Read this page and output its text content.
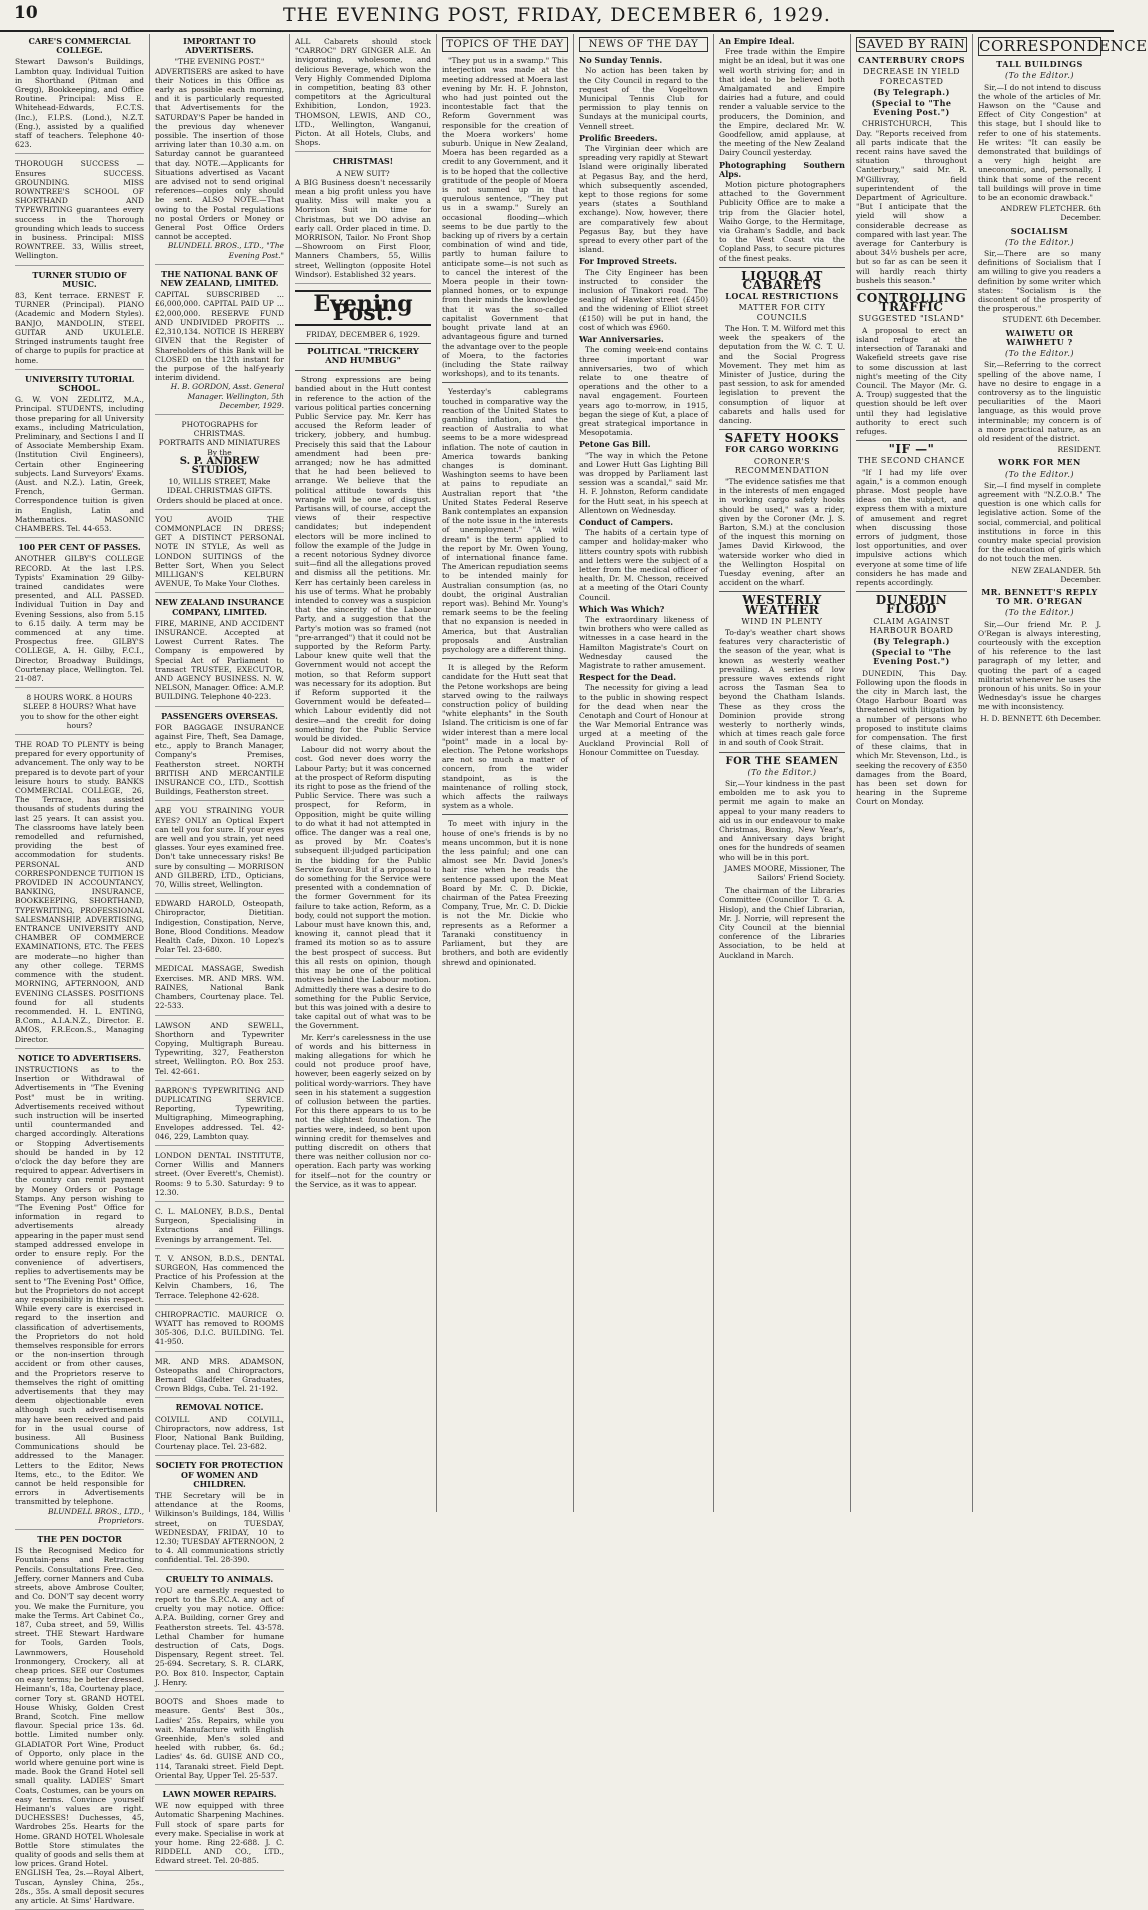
10	THE EVENING POST, FRIDAY, DECEMBER 6, 1929.
CARE'S COMMERCIAL COLLEGE.
Stewart Dawson's Buildings, Lambton quay. Individual Tuition in Shorthand (Pitman and Gregg), Bookkeeping, and Office Routine. Principal: Miss E. Whitehead-Edwards, F.C.T.S. (Inc.), F.I.P.S. (Lond.), N.Z.T. (Eng.), assisted by a qualified staff of teachers. Telephone 40-623.
THOROUGH SUCCESS — Ensures SUCCESS. GROUNDING. MISS ROWNTREE'S SCHOOL OF SHORTHAND AND TYPEWRITING guarantees every success in the Thorough grounding which leads to success in business. Principal: MISS ROWNTREE. 33, Willis street, Wellington.
TURNER STUDIO OF MUSIC.
83, Kent terrace. ERNEST F. TURNER (Principal). PIANO (Academic and Modern Styles). BANJO, MANDOLIN, STEEL GUITAR AND UKULELE. Stringed instruments taught free of charge to pupils for practice at home.
UNIVERSITY TUTORIAL SCHOOL.
G. W. VON ZEDLITZ, M.A., Principal. STUDENTS, including those preparing for all University exams., including Matriculation, Preliminary, and Sections I and II of Associate Membership Exam. (Institution Civil Engineers), Certain other Engineering subjects. Land Surveyors' Exams. (Aust. and N.Z.). Latin, Greek, French, German. Correspondence tuition is given in English, Latin and Mathematics. MASONIC CHAMBERS. Tel. 44-653.
100 PER CENT OF PASSES.
ANOTHER GILBY'S COLLEGE RECORD. At the last I.P.S. Typists' Examination 29 Gilby-trained candidates were presented, and ALL PASSED. Individual Tuition in Day and Evening Sessions, also from 5.15 to 6.15 daily. A term may be commenced at any time. Prospectus free. GILBY'S COLLEGE, A. H. Gilby, F.C.I., Director, Broadway Buildings, Courtenay place, Wellington. Tel. 21-087.
8 HOURS WORK. 8 HOURS SLEEP. 8 HOURS? What have you to show for the other eight hours?
THE ROAD TO PLENTY is being prepared for every opportunity of advancement. The only way to be prepared is to devote part of your leisure hours to study. BANKS COMMERCIAL COLLEGE, 26, The Terrace, has assisted thousands of students during the last 25 years. It can assist you. The classrooms have lately been remodelled and refurnished, providing the best of accommodation for students. PERSONAL AND CORRESPONDENCE TUITION IS PROVIDED IN ACCOUNTANCY, BANKING, INSURANCE, BOOKKEEPING, SHORTHAND, TYPEWRITING, PROFESSIONAL SALESMANSHIP, ADVERTISING, ENTRANCE UNIVERSITY AND CHAMBER OF COMMERCE EXAMINATIONS, ETC. The FEES are moderate—no higher than any other college. TERMS commence with the student. MORNING, AFTERNOON, AND EVENING CLASSES. POSITIONS found for all students recommended. H. L. ENTING, B.Com., A.I.A.N.Z., Director. E. AMOS, F.R.Econ.S., Managing Director.
NOTICE TO ADVERTISERS.
INSTRUCTIONS as to the Insertion or Withdrawal of Advertisements in "The Evening Post" must be in writing. Advertisements received without such instruction will be inserted until countermanded and charged accordingly. Alterations or Stopping Advertisements should be handed in by 12 o'clock the day before they are required to appear. Advertisers in the country can remit payment by Money Orders or Postage Stamps. Any person wishing to "The Evening Post" Office for information in regard to advertisements already appearing in the paper must send stamped addressed envelope in order to ensure reply. For the convenience of advertisers, replies to advertisements may be sent to "The Evening Post" Office, but the Proprietors do not accept any responsibility in this respect. While every care is exercised in regard to the insertion and classification of advertisements, the Proprietors do not hold themselves responsible for errors or the non-insertion through accident or from other causes, and the Proprietors reserve to themselves the right of omitting advertisements that they may deem objectionable even although such advertisements may have been received and paid for in the usual course of business. All Business Communications should be addressed to the Manager. Letters to the Editor, News Items, etc., to the Editor. We cannot be held responsible for errors in Advertisements transmitted by telephone.
BLUNDELL BROS., LTD., Proprietors.
THE PEN DOCTOR
IS the Recognised Medico for Fountain-pens and Retracting Pencils. Consultations Free. Geo. Jeffery, corner Manners and Cuba streets, above Ambrose Coulter, and Co. DON'T say decent worry you. We make the Furniture, you make the Terms. Art Cabinet Co., 187, Cuba street, and 59, Willis street. THE Stewart Hardware for Tools, Garden Tools, Lawnmowers, Household Ironmongery, Crockery, all at cheap prices. SEE our Costumes on easy terms; be better dressed. Heimann's, 18a, Courtenay place, corner Tory st. GRAND HOTEL House Whisky, Golden Crest Brand, Scotch. Fine mellow flavour. Special price 13s. 6d. bottle. Limited number only. GLADIATOR Port Wine, Product of Opporto, only place in the world where genuine port wine is made. Book the Grand Hotel sell small quality. LADIES' Smart Coats, Costumes, can be yours on easy terms. Convince yourself Heimann's values are right. DUCHESSES! Duchesses, 45, Wardrobes 25s. Hearts for the Home. GRAND HOTEL Wholesale Bottle Store stimulates the quality of goods and sells them at low prices. Grand Hotel.
ENGLISH Tea, 2s.—Royal Albert, Tuscan, Aynsley China, 25s., 28s., 35s. A small deposit secures any article. At Sims' Hardware.
IMPORTANT TO ADVERTISERS.
"THE EVENING POST."
ADVERTISERS are asked to have their Notices in this Office as early as possible each morning, and it is particularly requested that Advertisements for the SATURDAY'S Paper be handed in the previous day whenever possible. The insertion of those arriving later than 10.30 a.m. on Saturday cannot be guaranteed that day. NOTE.—Applicants for Situations advertised as Vacant are advised not to send original references—copies only should be sent. ALSO NOTE.—That owing to the Postal regulations no postal Orders or Money or General Post Office Orders cannot be accepted.
BLUNDELL BROS., LTD., "The Evening Post."
THE NATIONAL BANK OF NEW ZEALAND, LIMITED.
CAPITAL SUBSCRIBED ... £6,000,000. CAPITAL PAID UP ... £2,000,000. RESERVE FUND AND UNDIVIDED PROFITS ... £2,310,134. NOTICE IS HEREBY GIVEN that the Register of Shareholders of this Bank will be CLOSED on the 12th instant for the purpose of the half-yearly interim dividend.
H. B. GORDON, Asst. General Manager. Wellington, 5th December, 1929.
PHOTOGRAPHS for CHRISTMAS.
PORTRAITS AND MINIATURES By the
S. P. ANDREW STUDIOS,
10, WILLIS STREET, Make IDEAL CHRISTMAS GIFTS. Orders should be placed at once.
YOU AVOID THE COMMONPLACE IN DRESS; GET A DISTINCT PERSONAL NOTE IN STYLE, As well as LONDON SUITINGS of the Better Sort, When you Select MILLIGAN'S KELBURN AVENUE, To Make Your Clothes.
NEW ZEALAND INSURANCE COMPANY, LIMITED.
FIRE, MARINE, AND ACCIDENT INSURANCE. Accepted at Lowest Current Rates. The Company is empowered by Special Act of Parliament to transact TRUSTEE, EXECUTOR, AND AGENCY BUSINESS. N. W. NELSON, Manager. Office: A.M.P. BUILDING. Telephone 40-223.
PASSENGERS OVERSEAS.
FOR BAGGAGE INSURANCE against Fire, Theft, Sea Damage, etc., apply to Branch Manager, Company's Premises, Featherston street. NORTH BRITISH AND MERCANTILE INSURANCE CO., LTD., Scottish Buildings, Featherston street.
ARE YOU STRAINING YOUR EYES? ONLY an Optical Expert can tell you for sure. If your eyes are well and you strain, yet need glasses. Your eyes examined free. Don't take unnecessary risks! Be sure by consulting — MORRISON AND GILBERD, LTD., Opticians, 70, Willis street, Wellington.
EDWARD HAROLD, Osteopath, Chiropractor, Dietitian. Indigestion, Constipation, Nerve, Bone, Blood Conditions. Meadow Health Cafe, Dixon. 10 Lopez's Polar Tel. 23-680.
MEDICAL MASSAGE, Swedish Exercises. MR. AND MRS. WM. RAINES, National Bank Chambers, Courtenay place. Tel. 22-533.
LAWSON AND SEWELL, Shorthorn and Typewriter Copying, Multigraph Bureau. Typewriting, 327, Featherston street, Wellington. P.O. Box 253. Tel. 42-661.
BARRON'S TYPEWRITING AND DUPLICATING SERVICE. Reporting, Typewriting, Multigraphing, Mimeographing, Envelopes addressed. Tel. 42-046, 229, Lambton quay.
LONDON DENTAL INSTITUTE, Corner Willis and Manners street. (Over Everett's, Chemist). Rooms: 9 to 5.30. Saturday: 9 to 12.30.
C. L. MALONEY, B.D.S., Dental Surgeon, Specialising in Extractions and Fillings. Evenings by arrangement. Tel.
T. V. ANSON, B.D.S., DENTAL SURGEON, Has commenced the Practice of his Profession at the Kelvin Chambers, 16, The Terrace. Telephone 42-628.
CHIROPRACTIC. MAURICE O. WYATT has removed to ROOMS 305-306, D.I.C. BUILDING. Tel. 41-950.
MR. AND MRS. ADAMSON, Osteopaths and Chiropractors, Bernard Gladfelter Graduates, Crown Bldgs, Cuba. Tel. 21-192.
REMOVAL NOTICE.
COLVILL AND COLVILL, Chiropractors, now address, 1st Floor, National Bank Building, Courtenay place. Tel. 23-682.
SOCIETY FOR PROTECTION OF WOMEN AND CHILDREN.
THE Secretary will be in attendance at the Rooms, Wilkinson's Buildings, 184, Willis street, on TUESDAY, WEDNESDAY, FRIDAY, 10 to 12.30; TUESDAY AFTERNOON, 2 to 4. All communications strictly confidential. Tel. 28-390.
CRUELTY TO ANIMALS.
YOU are earnestly requested to report to the S.P.C.A. any act of cruelty you may notice. Office: A.P.A. Building, corner Grey and Featherston streets. Tel. 43-578. Lethal Chamber for humane destruction of Cats, Dogs. Dispensary, Regent street. Tel. 25-694. Secretary, S. R. CLARK, P.O. Box 810. Inspector, Captain J. Henry.
BOOTS and Shoes made to measure. Gents' Best 30s., Ladies' 25s. Repairs, while you wait. Manufacture with English Greenhide, Men's soled and heeled with rubber, 6s. 6d.; Ladies' 4s. 6d. GUISE AND CO., 114, Taranaki street. Field Dept. Oriental Bay, Upper Tel. 25-537.
LAWN MOWER REPAIRS.
WE now equipped with three Automatic Sharpening Machines. Full stock of spare parts for every make. Specialise in work at your home. Ring 22-688. J. C. RIDDELL AND CO., LTD., Edward street. Tel. 20-885.
ALL Cabarets should stock "CARROC" DRY GINGER ALE. An invigorating, wholesome, and delicious Beverage, which won the Very Highly Commended Diploma in competition, beating 83 other competitors at the Agricultural Exhibition, London, 1923. THOMSON, LEWIS, AND CO., LTD., Wellington, Wanganui, Picton. At all Hotels, Clubs, and Shops.
CHRISTMAS!
A NEW SUIT?
A BIG Business doesn't necessarily mean a big profit unless you have quality. Miss will make you a Morrison Suit in time for Christmas, but we DO advise an early call. Order placed in time. D. MORRISON, Tailor. No Front Shop—Showroom on First Floor, Manners Chambers, 55, Willis street, Wellington (opposite Hotel Windsor). Established 32 years.
Evening Post.
FRIDAY, DECEMBER 6, 1929.
POLITICAL "TRICKERY AND HUMBUG"

Strong expressions are being bandied about in the Hutt contest in reference to the action of the various political parties concerning Public Service pay. Mr. Kerr has accused the Reform leader of trickery, jobbery, and humbug. Precisely this said that the Labour amendment had been pre-arranged; now he has admitted that he had been believed to arrange. We believe that the political attitude towards this wrangle will be one of disgust. Partisans will, of course, accept the views of their respective candidates; but independent electors will be more inclined to follow the example of the Judge in a recent notorious Sydney divorce suit—find all the allegations proved and dismiss all the petitions. Mr. Kerr has certainly been careless in his use of terms. What he probably intended to convey was a suspicion that the sincerity of the Labour Party, and a suggestion that the Party's motion was so framed (not "pre-arranged") that it could not be supported by the Reform Party. Labour knew quite well that the Government would not accept the motion, so that Reform support was necessary for its adoption. But if Reform supported it the Government would be defeated—which Labour evidently did not desire—and the credit for doing something for the Public Service would be divided.

Labour did not worry about the cost. God never does worry the Labour Party; but it was concerned at the prospect of Reform disputing its right to pose as the friend of the Public Service. There was such a prospect, for Reform, in Opposition, might be quite willing to do what it had not attempted in office. The danger was a real one, as proved by Mr. Coates's subsequent ill-judged participation in the bidding for the Public Service favour. But if a proposal to do something for the Service were presented with a condemnation of the former Government for its failure to take action, Reform, as a body, could not support the motion. Labour must have known this, and, knowing it, cannot plead that it framed its motion so as to assure the best prospect of success. But this all rests on opinion, though this may be one of the political motives behind the Labour motion. Admittedly there was a desire to do something for the Public Service, but this was joined with a desire to take capital out of what was to be the Government.

Mr. Kerr's carelessness in the use of words and his bitterness in making allegations for which he could not produce proof have, however, been eagerly seized on by political wordy-warriors. They have seen in his statement a suggestion of collusion between the parties. For this there appears to us to be not the slightest foundation. The parties were, indeed, so bent upon winning credit for themselves and putting discredit on others that there was neither collusion nor co-operation. Each party was working for itself—not for the country or the Service, as it was to appear.

TOPICS OF THE DAY

"They put us in a swamp." This interjection was made at the meeting addressed at Moera last evening by Mr. H. F. Johnston, who had just pointed out the incontestable fact that the Reform Government was responsible for the creation of the Moera workers' home suburb. Unique in New Zealand, Moera has been regarded as a credit to any Government, and it is to be hoped that the collective gratitude of the people of Moera is not summed up in that querulous sentence, "They put us in a swamp." Surely an occasional flooding—which seems to be due partly to the backing up of rivers by a certain combination of wind and tide, partly to human failure to anticipate some—is not such as to cancel the interest of the Moera people in their town-planned homes, or to expunge from their minds the knowledge that it was the so-called capitalist Government that bought private land at an advantageous figure and turned the advantage over to the people of Moera, to the factories (including the State railway workshops), and to its tenants.

Yesterday's cablegrams touched in comparative way the reaction of the United States to gambling inflation, and the reaction of Australia to what seems to be a more widespread inflation. The note of caution in America towards banking changes is dominant. Washington seems to have been at pains to repudiate an Australian report that "the United States Federal Reserve Bank contemplates an expansion of the note issue in the interests of unemployment." "A wild dream" is the term applied to the report by Mr. Owen Young, of international finance fame. The American repudiation seems to be intended mainly for Australian consumption (as, no doubt, the original Australian report was). Behind Mr. Young's remark seems to be the feeling that no expansion is needed in America, but that Australian proposals and Australian psychology are a different thing.

It is alleged by the Reform candidate for the Hutt seat that the Petone workshops are being starved owing to the railways construction policy of building "white elephants" in the South Island. The criticism is one of far wider interest than a mere local "point" made in a local by-election. The Petone workshops are not so much a matter of concern, from the wider standpoint, as is the maintenance of rolling stock, which affects the railways system as a whole.

To meet with injury in the house of one's friends is by no means uncommon, but it is none the less painful; and one can almost see Mr. David Jones's hair rise when he reads the sentence passed upon the Meat Board by Mr. C. D. Dickie, chairman of the Patea Freezing Company, True, Mr. C. D. Dickie is not the Mr. Dickie who represents as a Reformer a Taranaki constituency in Parliament, but they are brothers, and both are evidently shrewd and opinionated.

NEWS OF THE DAY
No Sunday Tennis.

No action has been taken by the City Council in regard to the request of the Vogeltown Municipal Tennis Club for permission to play tennis on Sundays at the municipal courts, Vennell street.

Prolific Breeders.

The Virginian deer which are spreading very rapidly at Stewart Island were originally liberated at Pegasus Bay, and the herd, which subsequently ascended, kept to those regions for some years (states a Southland exchange). Now, however, there are comparatively few about Pegasus Bay, but they have spread to every other part of the island.

For Improved Streets.

The City Engineer has been instructed to consider the inclusion of Tinakori road. The sealing of Hawker street (£450) and the widening of Elliot street (£150) will be put in hand, the cost of which was £960.

War Anniversaries.

The coming week-end contains three important war anniversaries, two of which relate to one theatre of operations and the other to a naval engagement. Fourteen years ago to-morrow, in 1915, began the siege of Kut, a place of great strategical importance in Mesopotamia.

Petone Gas Bill.

"The way in which the Petone and Lower Hutt Gas Lighting Bill was dropped by Parliament last session was a scandal," said Mr. H. F. Johnston, Reform candidate for the Hutt seat, in his speech at Allentown on Wednesday.

Conduct of Campers.

The habits of a certain type of camper and holiday-maker who litters country spots with rubbish and letters were the subject of a letter from the medical officer of health, Dr. M. Chesson, received at a meeting of the Otari County Council.

Which Was Which?

The extraordinary likeness of twin brothers who were called as witnesses in a case heard in the Hamilton Magistrate's Court on Wednesday caused the Magistrate to rather amusement.

Respect for the Dead.

The necessity for giving a lead to the public in showing respect for the dead when near the Cenotaph and Court of Honour at the War Memorial Entrance was urged at a meeting of the Auckland Provincial Roll of Honour Committee on Tuesday.

An Empire Ideal.

Free trade within the Empire might be an ideal, but it was one well worth striving for; and in that ideal to be believed both Amalgamated and Empire dairies had a future, and could render a valuable service to the producers, the Dominion, and the Empire, declared Mr. W. Goodfellow, amid applause, at the meeting of the New Zealand Dairy Council yesterday.

Photographing Southern Alps.

Motion picture photographers attached to the Government Publicity Office are to make a trip from the Glacier hotel, Waiho Gorge, to the Hermitage, via Graham's Saddle, and back to the West Coast via the Copland Pass, to secure pictures of the finest peaks.

LIQUOR AT CABARETS
LOCAL RESTRICTIONS
MATTER FOR CITY COUNCILS

The Hon. T. M. Wilford met this week the speakers of the deputation from the W. C. T. U. and the Social Progress Movement. They met him as Minister of Justice, during the past session, to ask for amended legislation to prevent the consumption of liquor at cabarets and halls used for dancing.

SAFETY HOOKS
FOR CARGO WORKING
CORONER'S RECOMMENDATION

"The evidence satisfies me that in the interests of men engaged in working cargo safety hooks should be used," was a rider, given by the Coroner (Mr. J. S. Barton, S.M.) at the conclusion of the inquest this morning on James David Kirkwood, the waterside worker who died in the Wellington Hospital on Tuesday evening, after an accident on the wharf.

WESTERLY WEATHER
WIND IN PLENTY

To-day's weather chart shows features very characteristic of the season of the year, what is known as westerly weather prevailing. A series of low pressure waves extends right across the Tasman Sea to beyond the Chatham Islands. These as they cross the Dominion provide strong westerly to northerly winds, which at times reach gale force in and south of Cook Strait.

FOR THE SEAMEN
(To the Editor.)

Sir,—Your kindness in the past embolden me to ask you to permit me again to make an appeal to your many readers to aid us in our endeavour to make Christmas, Boxing, New Year's, and Anniversary days bright ones for the hundreds of seamen who will be in this port.

JAMES MOORE, Missioner, The Sailors' Friend Society.

The chairman of the Libraries Committee (Councillor T. G. A. Hislop), and the Chief Librarian, Mr. J. Norrie, will represent the City Council at the biennial conference of the Libraries Association, to be held at Auckland in March.

SAVED BY RAIN
CANTERBURY CROPS
DECREASE IN YIELD FORECASTED
(By Telegraph.)
(Special to "The Evening Post.")

CHRISTCHURCH, This Day. "Reports received from all parts indicate that the recent rains have saved the situation throughout Canterbury," said Mr. R. M'Gillivray, field superintendent of the Department of Agriculture. "But I anticipate that the yield will show a considerable decrease as compared with last year. The average for Canterbury is about 34½ bushels per acre, but so far as can be seen it will hardly reach thirty bushels this season."

CONTROLLING TRAFFIC
SUGGESTED "ISLAND"

A proposal to erect an island refuge at the intersection of Taranaki and Wakefield streets gave rise to some discussion at last night's meeting of the City Council. The Mayor (Mr. G. A. Troup) suggested that the question should be left over until they had legislative authority to erect such refuges.

"IF —"
THE SECOND CHANCE

"If I had my life over again," is a common enough phrase. Most people have ideas on the subject, and express them with a mixture of amusement and regret when discussing those errors of judgment, those lost opportunities, and over impulsive actions which everyone at some time of life considers he has made and repents accordingly.

DUNEDIN FLOOD
CLAIM AGAINST HARBOUR BOARD
(By Telegraph.)
(Special to "The Evening Post.")

DUNEDIN, This Day. Following upon the floods in the city in March last, the Otago Harbour Board was threatened with litigation by a number of persons who proposed to institute claims for compensation. The first of these claims, that in which Mr. Stevenson, Ltd., is seeking the recovery of £350 damages from the Board, has been set down for hearing in the Supreme Court on Monday.

CORRESPONDENCE
TALL BUILDINGS
(To the Editor.)

Sir,—I do not intend to discuss the whole of the articles of Mr. Hawson on the "Cause and Effect of City Congestion" at this stage, but I should like to refer to one of his statements. He writes: "It can easily be demonstrated that buildings of a very high height are uneconomic, and, personally, I think that some of the recent tall buildings will prove in time to be an economic drawback."

ANDREW FLETCHER. 6th December.
SOCIALISM
(To the Editor.)

Sir,—There are so many definitions of Socialism that I am willing to give you readers a definition by some writer which states: "Socialism is the discontent of the prosperity of the prosperous."

STUDENT. 6th December.
WAIWETU OR WAIWHETU ?
(To the Editor.)

Sir,—Referring to the correct spelling of the above name, I have no desire to engage in a controversy as to the linguistic peculiarities of the Maori language, as this would prove interminable; my concern is of a more practical nature, as an old resident of the district.

RESIDENT.
WORK FOR MEN
(To the Editor.)

Sir,—I find myself in complete agreement with "N.Z.O.B." The question is one which calls for legislative action. Some of the social, commercial, and political institutions in force in this country make special provision for the education of girls which do not touch the men.

NEW ZEALANDER. 5th December.
MR. BENNETT'S REPLY TO MR. O'REGAN
(To the Editor.)

Sir,—Our friend Mr. P. J. O'Regan is always interesting, courteously with the exception of his reference to the last paragraph of my letter, and quoting the part of a caged militarist whenever he uses the pronoun of his units. So in your Wednesday's issue he charges me with inconsistency.

H. D. BENNETT. 6th December.
